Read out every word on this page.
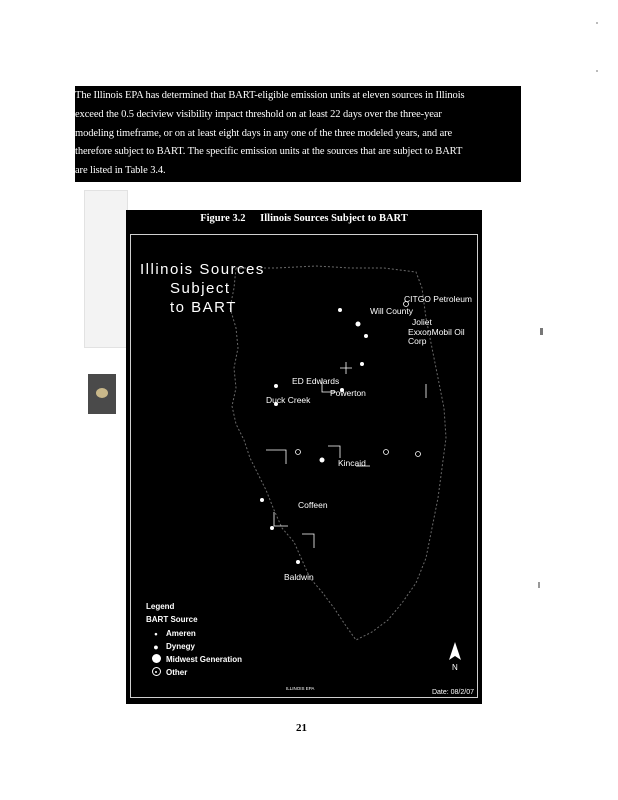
The Illinois EPA has determined that BART-eligible emission units at eleven sources in Illinois
exceed the 0.5 deciview visibility impact threshold on at least 22 days over the three-year
modeling timeframe, or on at least eight days in any one of the three modeled years, and are
therefore subject to BART. The specific emission units at the sources that are subject to BART
are listed in Table 3.4.
Figure 3.2 Illinois Sources Subject to BART
Illinois Sources
Subject
to BART	CITGO Petroleum
Will County
Joliet
ExxonMobil Oil Corp
ED Edwards
Powerton
Duck Creek
Kincaid
Coffeen
Baldwin
Legend
BART Source
•	Ameren
● Dynegy
Midwest Generation
Other
N
ILLINOIS EPA
Date: 08/2/07
21
